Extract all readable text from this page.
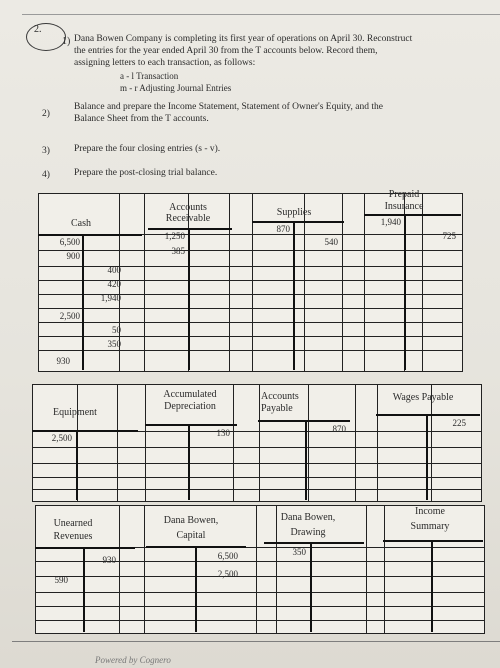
2.
1) Dana Bowen Company is completing its first year of operations on April 30. Reconstruct
the entries for the year ended April 30 from the T accounts below. Record them,
assigning letters to each transaction, as follows:
a - l Transaction
m - r Adjusting Journal Entries
2)
Balance and prepare the Income Statement, Statement of Owner's Equity, and the
Balance Sheet from the T accounts.
3)	Prepare the four closing entries (s - v).
4)	Prepare the post-closing trial balance.
Cash
6,500
900
400
420
1,940
2,500
50
350
930
Accounts
Receivable
1,250
385
Supplies
870
540
Prepaid
Insurance
1,940
725
Equipment
2,500
Accumulated
Depreciation
130
Accounts
Payable
870
Wages Payable
225
Unearned
Revenues
930
590
Dana Bowen,
Capital
6,500
2,500
Dana Bowen,
Drawing
350
Income
Summary
Powered by Cognero
